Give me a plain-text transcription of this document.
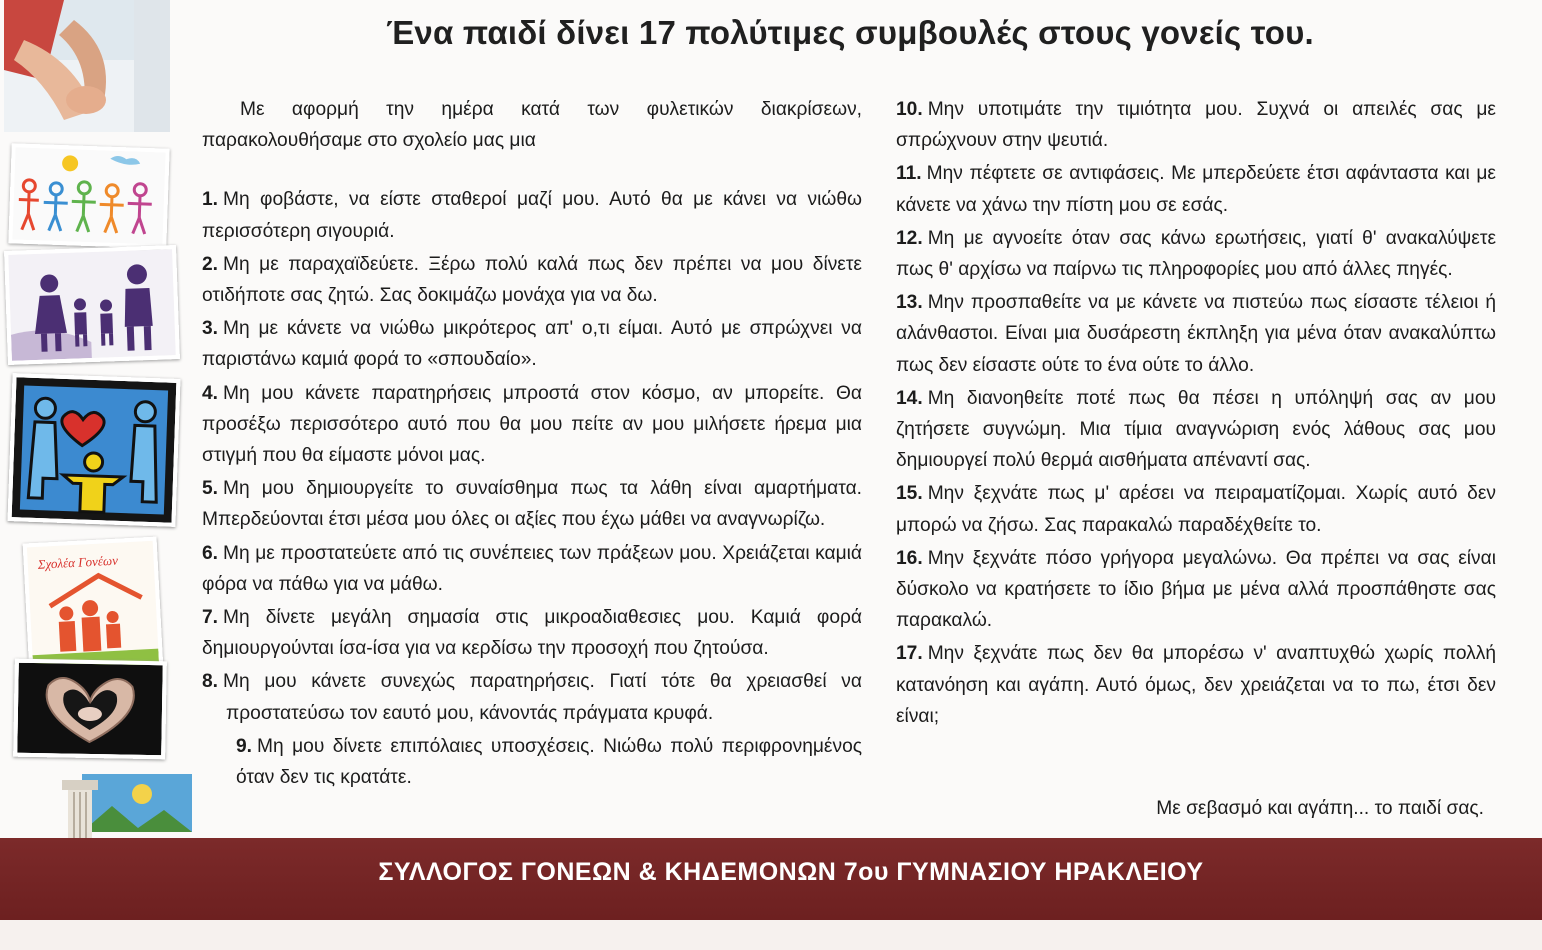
Σχολέα Γονέων
Ένα παιδί δίνει 17 πολύτιμες συμβουλές στους γονείς του.

Με αφορμή την ημέρα κατά των φυλετικών διακρίσεων, παρακολουθήσαμε στο σχολείο μας μια

1. Μη φοβάστε, να είστε σταθεροί μαζί μου. Αυτό θα με κάνει να νιώθω περισσότερη σιγουριά.

2. Μη με παραχαϊδεύετε. Ξέρω πολύ καλά πως δεν πρέπει να μου δίνετε οτιδήποτε σας ζητώ. Σας δοκιμάζω μονάχα για να δω.

3. Μη με κάνετε να νιώθω μικρότερος απ' ο,τι είμαι. Αυτό με σπρώχνει να παριστάνω καμιά φορά το «σπουδαίο».

4. Μη μου κάνετε παρατηρήσεις μπροστά στον κόσμο, αν μπορείτε. Θα προσέξω περισσότερο αυτό που θα μου πείτε αν μου μιλήσετε ήρεμα μια στιγμή που θα είμαστε μόνοι μας.

5. Μη μου δημιουργείτε το συναίσθημα πως τα λάθη είναι αμαρτήματα. Μπερδεύονται έτσι μέσα μου όλες οι αξίες που έχω μάθει να αναγνωρίζω.

6. Μη με προστατεύετε από τις συνέπειες των πράξεων μου. Χρειάζεται καμιά φόρα να πάθω για να μάθω.

7. Μη δίνετε μεγάλη σημασία στις μικροαδιαθεσιες μου. Καμιά φορά δημιουργούνται ίσα-ίσα για να κερδίσω την προσοχή που ζητούσα.

8. Μη μου κάνετε συνεχώς παρατηρήσεις. Γιατί τότε θα χρειασθεί να προστατεύσω τον εαυτό μου, κάνοντάς πράγματα κρυφά.

9. Μη μου δίνετε επιπόλαιες υποσχέσεις. Νιώθω πολύ περιφρονημένος όταν δεν τις κρατάτε.

10. Μην υποτιμάτε την τιμιότητα μου. Συχνά οι απειλές σας με σπρώχνουν στην ψευτιά.

11. Μην πέφτετε σε αντιφάσεις. Με μπερδεύετε έτσι αφάνταστα και με κάνετε να χάνω την πίστη μου σε εσάς.

12. Μη με αγνοείτε όταν σας κάνω ερωτήσεις, γιατί θ' ανακαλύψετε πως θ' αρχίσω να παίρνω τις πληροφορίες μου από άλλες πηγές.

13. Μην προσπαθείτε να με κάνετε να πιστεύω πως είσαστε τέλειοι ή αλάνθαστοι. Είναι μια δυσάρεστη έκπληξη για μένα όταν ανακαλύπτω πως δεν είσαστε ούτε το ένα ούτε το άλλο.

14. Μη διανοηθείτε ποτέ πως θα πέσει η υπόληψή σας αν μου ζητήσετε συγνώμη. Μια τίμια αναγνώριση ενός λάθους σας μου δημιουργεί πολύ θερμά αισθήματα απέναντί σας.

15. Μην ξεχνάτε πως μ' αρέσει να πειραματίζομαι. Χωρίς αυτό δεν μπορώ να ζήσω. Σας παρακαλώ παραδέχθείτε το.

16. Μην ξεχνάτε πόσο γρήγορα μεγαλώνω. Θα πρέπει να σας είναι δύσκολο να κρατήσετε το ίδιο βήμα με μένα αλλά προσπάθηστε σας παρακαλώ.

17. Μην ξεχνάτε πως δεν θα μπορέσω ν' αναπτυχθώ χωρίς πολλή κατανόηση και αγάπη. Αυτό όμως, δεν χρειάζεται να το πω, έτσι δεν είναι;

Με σεβασμό και αγάπη... το παιδί σας.
ΣΥΛΛΟΓΟΣ ΓΟΝΕΩΝ & ΚΗΔΕΜΟΝΩΝ 7ου ΓΥΜΝΑΣΙΟΥ ΗΡΑΚΛΕΙΟΥ
